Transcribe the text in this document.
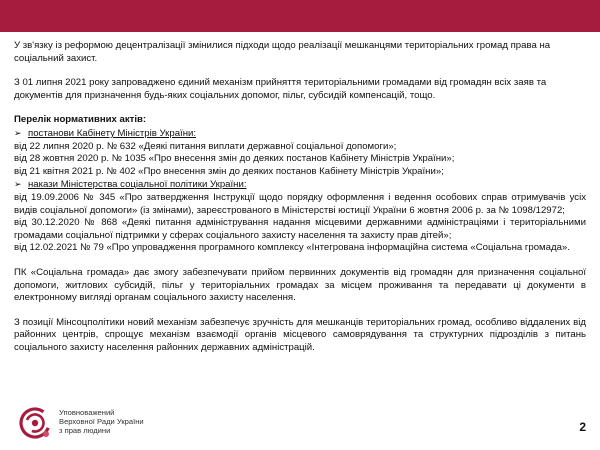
У зв'язку із реформою децентралізації змінилися підходи щодо реалізації мешканцями територіальних громад права на соціальний захист.

З 01 липня 2021 року запроваджено єдиний механізм прийняття територіальними громадами від громадян всіх заяв та документів для призначення будь-яких соціальних допомог, пільг, субсидій компенсацій, тощо.

Перелік нормативних актів:

➢ постанови Кабінету Міністрів України:

від 22 липня 2020 р. № 632 «Деякі питання виплати державної соціальної допомоги»;

від 28 жовтня 2020 р. № 1035 «Про внесення змін до деяких постанов Кабінету Міністрів України»;

від 21 квітня 2021 р. № 402 «Про внесення змін до деяких постанов Кабінету Міністрів України»;

➢ накази Міністерства соціальної політики України:

від 19.09.2006 № 345 «Про затвердження Інструкції щодо порядку оформлення і ведення особових справ отримувачів усіх видів соціальної допомоги» (із змінами), зареєстрованого в Міністерстві юстиції України 6 жовтня 2006 р. за № 1098/12972;

від 30.12.2020 № 868 «Деякі питання адміністрування надання місцевими державними адміністраціями і територіальними громадами соціальної підтримки у сферах соціального захисту населення та захисту прав дітей»;

від 12.02.2021 № 79 «Про упровадження програмного комплексу «Інтегрована інформаційна система «Соціальна громада».

ПК «Соціальна громада» дає змогу забезпечувати прийом первинних документів від громадян для призначення соціальної допомоги, житлових субсидій, пільг у територіальних громадах за місцем проживання та передавати ці документи в електронному вигляді органам соціального захисту населення.

З позиції Мінсоцполітики новий механізм забезпечує зручність для мешканців територіальних громад, особливо віддалених від районних центрів, спрощує механізм взаємодії органів місцевого самоврядування та структурних підрозділів з питань соціального захисту населення районних державних адміністрацій.

Уповноважений
Верховної Ради України
з прав людини	2
